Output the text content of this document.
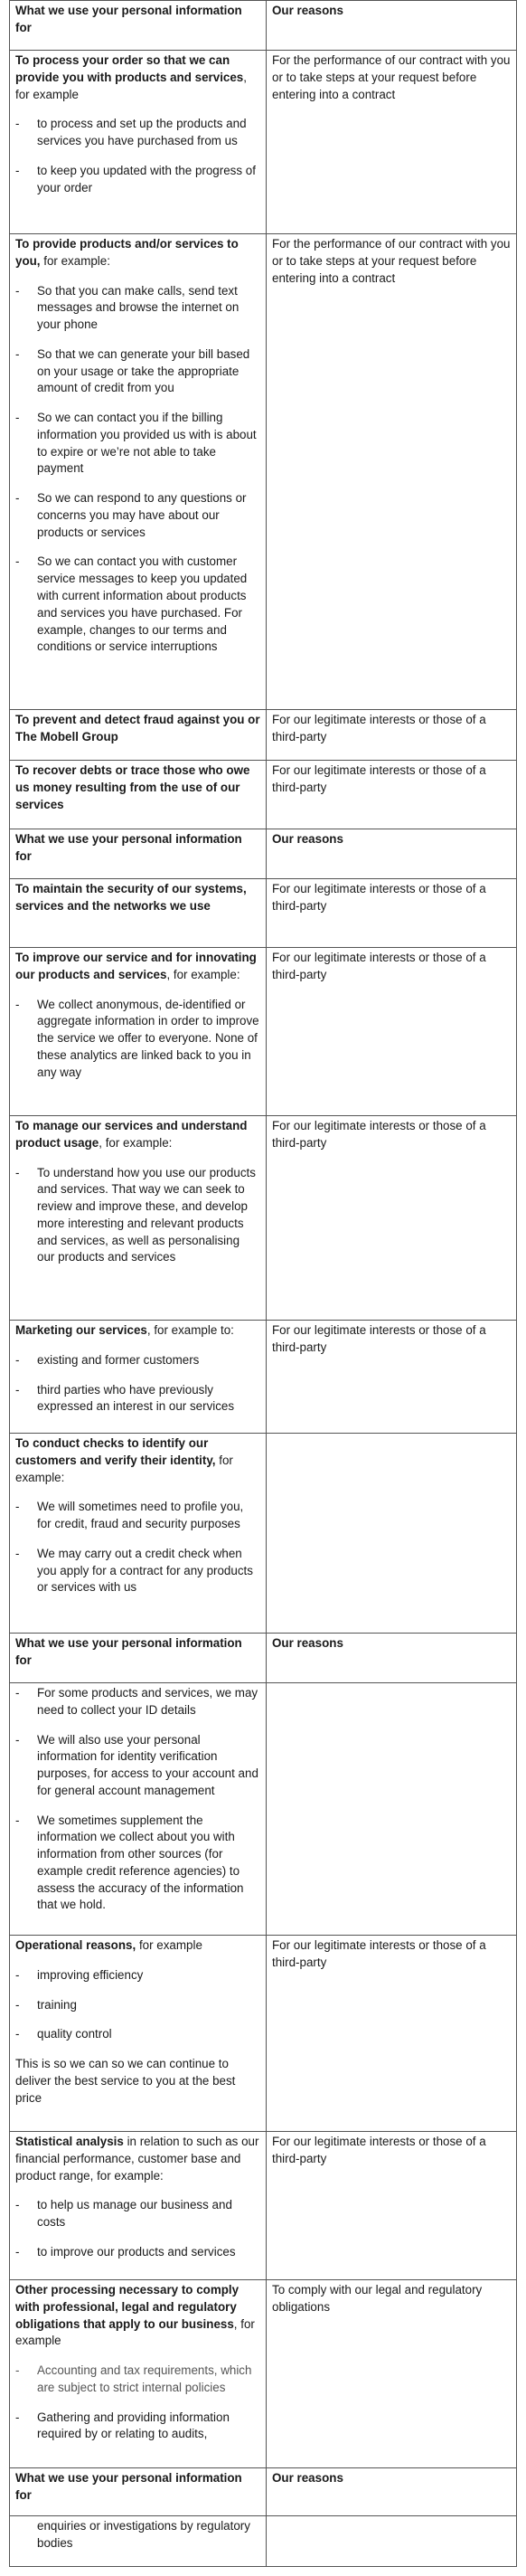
What we use your personal information for
Our reasons

To process your order so that we can provide you with products and services, for example

- to process and set up the products and services you have purchased from us
- to keep you updated with the progress of your order
For the performance of our contract with you or to take steps at your request before entering into a contract

To provide products and/or services to you, for example:

- So that you can make calls, send text messages and browse the internet on your phone
- So that we can generate your bill based on your usage or take the appropriate amount of credit from you
- So we can contact you if the billing information you provided us with is about to expire or we’re not able to take payment
- So we can respond to any questions or concerns you may have about our products or services
- So we can contact you with customer service messages to keep you updated with current information about products and services you have purchased. For example, changes to our terms and conditions or service interruptions
For the performance of our contract with you or to take steps at your request before entering into a contract

To prevent and detect fraud against you or The Mobell Group

For our legitimate interests or those of a third-party

To recover debts or trace those who owe us money resulting from the use of our services

For our legitimate interests or those of a third-party
What we use your personal information for
Our reasons

To maintain the security of our systems, services and the networks we use

For our legitimate interests or those of a third-party

To improve our service and for innovating our products and services, for example:

- We collect anonymous, de-identified or aggregate information in order to improve the service we offer to everyone. None of these analytics are linked back to you in any way
For our legitimate interests or those of a third-party

To manage our services and understand product usage, for example:

- To understand how you use our products and services. That way we can seek to review and improve these, and develop more interesting and relevant products and services, as well as personalising our products and services
For our legitimate interests or those of a third-party

Marketing our services, for example to:

- existing and former customers
- third parties who have previously expressed an interest in our services
For our legitimate interests or those of a third-party

To conduct checks to identify our customers and verify their identity, for example:

- We will sometimes need to profile you, for credit, fraud and security purposes
- We may carry out a credit check when you apply for a contract for any products or services with us
What we use your personal information for
Our reasons
- For some products and services, we may need to collect your ID details
- We will also use your personal information for identity verification purposes, for access to your account and for general account management
- We sometimes supplement the information we collect about you with information from other sources (for example credit reference agencies) to assess the accuracy of the information that we hold.

Operational reasons, for example

- improving efficiency
- training
- quality control

This is so we can so we can continue to deliver the best service to you at the best price

For our legitimate interests or those of a third-party

Statistical analysis in relation to such as our financial performance, customer base and product range, for example:

- to help us manage our business and costs
- to improve our products and services
For our legitimate interests or those of a third-party

Other processing necessary to comply with professional, legal and regulatory obligations that apply to our business, for example

- Accounting and tax requirements, which are subject to strict internal policies
- Gathering and providing information required by or relating to audits,
To comply with our legal and regulatory obligations
What we use your personal information for
Our reasons
enquiries or investigations by regulatory bodies
